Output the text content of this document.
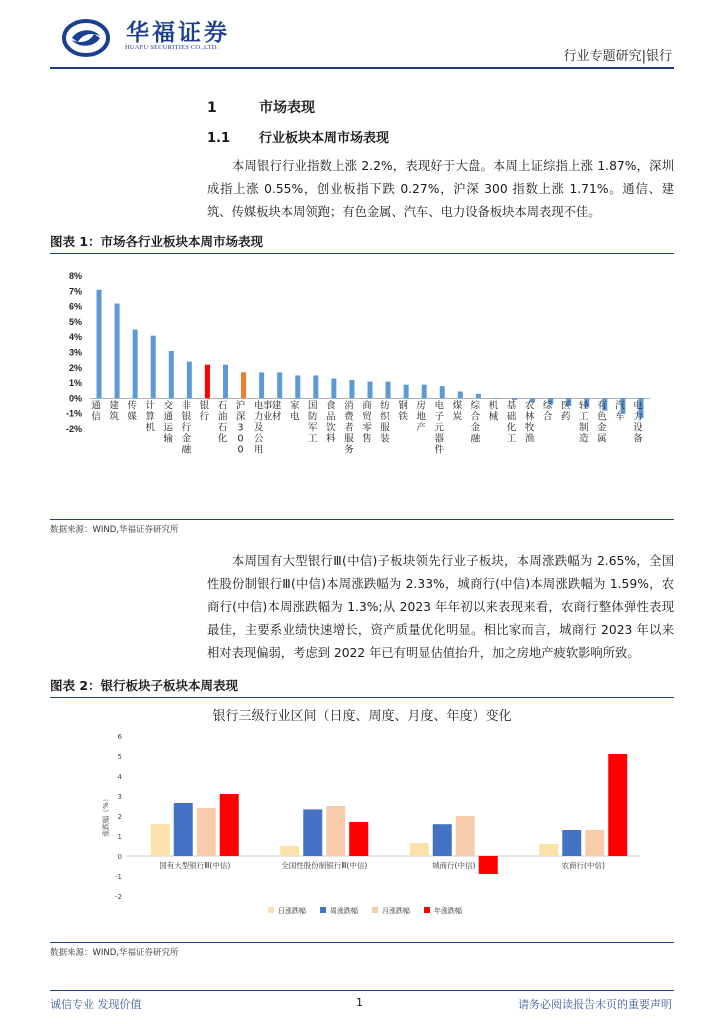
华福证券
HUAFU SECURITIES CO.,LTD.
行业专题研究|银行
1	市场表现
1.1 行业板块本周市场表现
本周银行行业指数上涨 2.2%，表现好于大盘。本周上证综指上涨 1.87%，深圳成指上涨 0.55%，创业板指下跌 0.27%，沪深 300 指数上涨 1.71%。通信、建筑、传媒板块本周领跑；有色金属、汽车、电力设备板块本周表现不佳。
图表 1：市场各行业板块本周市场表现
8%
7%
6%
5%
4%
3%
2%
1%
0%
-1%
-2%
通
信
建
筑
传
媒
计
算
机
交
通
运
输
非
银
行
金
融
银
行
石
油
石
化
沪
深
3
0
0
电
力
及
公
用
事
业
建
材
家
电
国
防
军
工
食
品
饮
料
消
费
者
服
务
商
贸
零
售
纺
织
服
装
钢
铁
房
地
产
电
子
元
器
件
煤
炭
综
合
金
融
机
械
基
础
化
工
农
林
牧
渔
综
合
医
药
轻
工
制
造
有
色
金
属
汽
车
电
力
设
备
数据来源：WIND,华福证券研究所
本周国有大型银行Ⅲ(中信)子板块领先行业子板块，本周涨跌幅为 2.65%，全国性股份制银行Ⅲ(中信)本周涨跌幅为 2.33%，城商行(中信)本周涨跌幅为 1.59%，农商行(中信)本周涨跌幅为 1.3%;从 2023 年年初以来表现来看，农商行整体弹性表现最佳，主要系业绩快速增长，资产质量优化明显。相比家而言，城商行 2023 年以来相对表现偏弱，考虑到 2022 年已有明显估值抬升，加之房地产疲软影响所致。
图表 2：银行板块子板块本周表现
银行三级行业区间（日度、周度、月度、年度）变化
6
5
4
3
2
1
0
-1
-2
涨跌幅（%）
国有大型银行Ⅲ(中信)	全国性股份制银行Ⅲ(中信)	城商行(中信)	农商行(中信)
日涨跌幅	周涨跌幅	月涨跌幅	年涨跌幅
数据来源：WIND,华福证券研究所
诚信专业 发现价值	1	请务必阅读报告末页的重要声明
